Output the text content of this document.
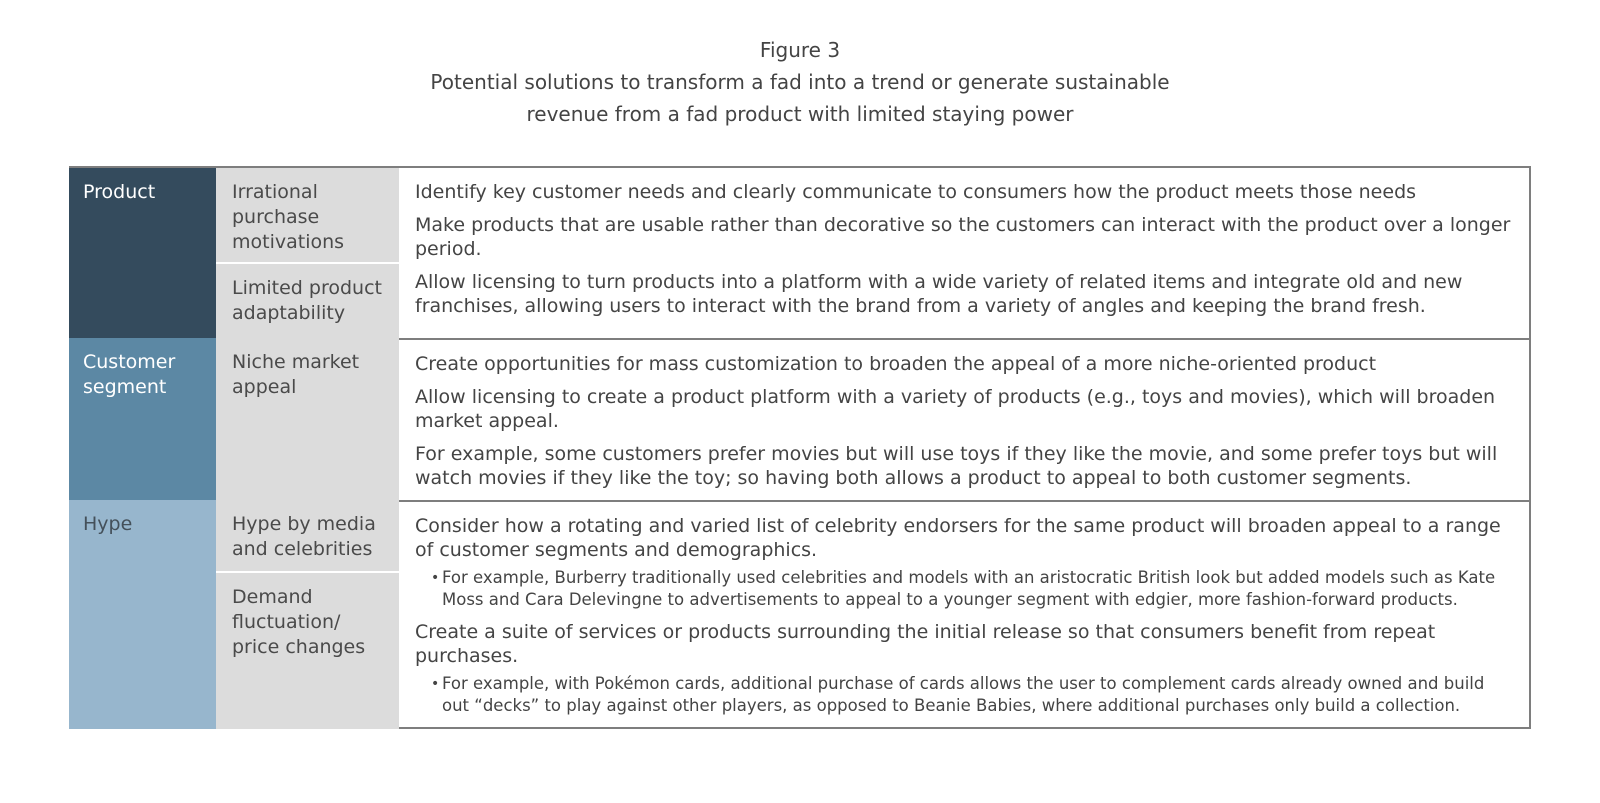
Figure 3
Potential solutions to transform a fad into a trend or generate sustainable revenue from a fad product with limited staying power
Product	Irrational purchase motivations
Limited product adaptability
Identify key customer needs and clearly communicate to consumers how the product meets those needs
Make products that are usable rather than decorative so the customers can interact with the product over a longer period.
Allow licensing to turn products into a platform with a wide variety of related items and integrate old and new franchises, allowing users to interact with the brand from a variety of angles and keeping the brand fresh.
Customer segment
Niche market appeal
Create opportunities for mass customization to broaden the appeal of a more niche-oriented product
Allow licensing to create a product platform with a variety of products (e.g., toys and movies), which will broaden market appeal.
For example, some customers prefer movies but will use toys if they like the movie, and some prefer toys but will watch movies if they like the toy; so having both allows a product to appeal to both customer segments.
Hype	Hype by media and celebrities
Demand fluctuation/ price changes
Consider how a rotating and varied list of celebrity endorsers for the same product will broaden appeal to a range of customer segments and demographics.
• For example, Burberry traditionally used celebrities and models with an aristocratic British look but added models such as Kate Moss and Cara Delevingne to advertisements to appeal to a younger segment with edgier, more fashion-forward products.
Create a suite of services or products surrounding the initial release so that consumers benefit from repeat purchases.
• For example, with Pokémon cards, additional purchase of cards allows the user to complement cards already owned and build out “decks” to play against other players, as opposed to Beanie Babies, where additional purchases only build a collection.
